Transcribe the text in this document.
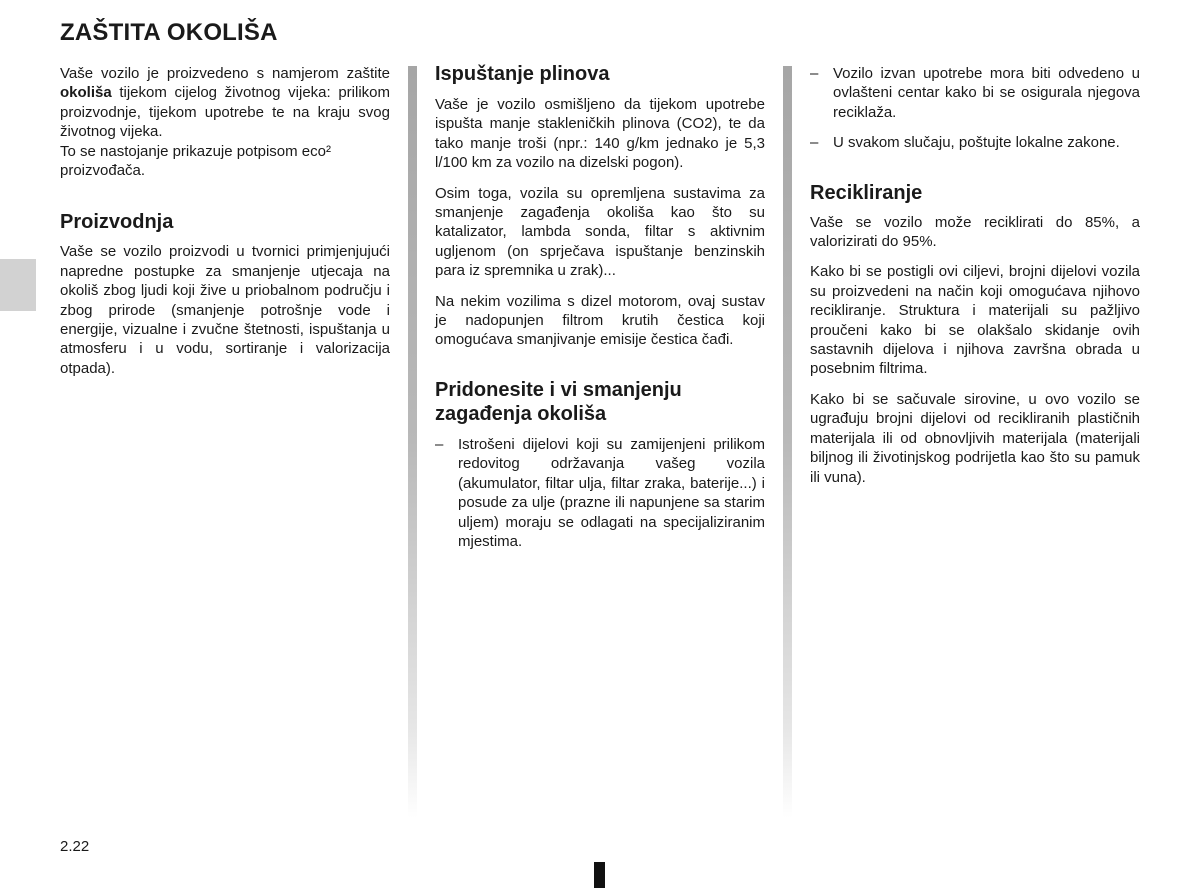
ZAŠTITA OKOLIŠA

Vaše vozilo je proizvedeno s namjerom zaštite okoliša tijekom cijelog životnog vijeka: prilikom proizvodnje, tijekom upotrebe te na kraju svog životnog vijeka.

To se nastojanje prikazuje potpisom eco² proizvođača.

Proizvodnja

Vaše se vozilo proizvodi u tvornici primjenjujući napredne postupke za smanjenje utjecaja na okoliš zbog ljudi koji žive u priobalnom području i zbog prirode (smanjenje potrošnje vode i energije, vizualne i zvučne štetnosti, ispuštanja u atmosferu i u vodu, sortiranje i valorizacija otpada).

Ispuštanje plinova

Vaše je vozilo osmišljeno da tijekom upotrebe ispušta manje stakleničkih plinova (CO2), te da tako manje troši (npr.: 140 g/km jednako je 5,3 l/100 km za vozilo na dizelski pogon).

Osim toga, vozila su opremljena sustavima za smanjenje zagađenja okoliša kao što su katalizator, lambda sonda, filtar s aktivnim ugljenom (on sprječava ispuštanje benzinskih para iz spremnika u zrak)...

Na nekim vozilima s dizel motorom, ovaj sustav je nadopunjen filtrom krutih čestica koji omogućava smanjivanje emisije čestica čađi.

Pridonesite i vi smanjenju zagađenja okoliša
– Istrošeni dijelovi koji su zamijenjeni prilikom redovitog održavanja vašeg vozila (akumulator, filtar ulja, filtar zraka, baterije...) i posude za ulje (prazne ili napunjene sa starim uljem) moraju se odlagati na specijaliziranim mjestima.
– Vozilo izvan upotrebe mora biti odvedeno u ovlašteni centar kako bi se osigurala njegova reciklaža.
– U svakom slučaju, poštujte lokalne zakone.
Recikliranje

Vaše se vozilo može reciklirati do 85%, a valorizirati do 95%.

Kako bi se postigli ovi ciljevi, brojni dijelovi vozila su proizvedeni na način koji omogućava njihovo recikliranje. Struktura i materijali su pažljivo proučeni kako bi se olakšalo skidanje ovih sastavnih dijelova i njihova završna obrada u posebnim filtrima.

Kako bi se sačuvale sirovine, u ovo vozilo se ugrađuju brojni dijelovi od recikliranih plastičnih materijala ili od obnovljivih materijala (materijali biljnog ili životinjskog podrijetla kao što su pamuk ili vuna).

2.22
